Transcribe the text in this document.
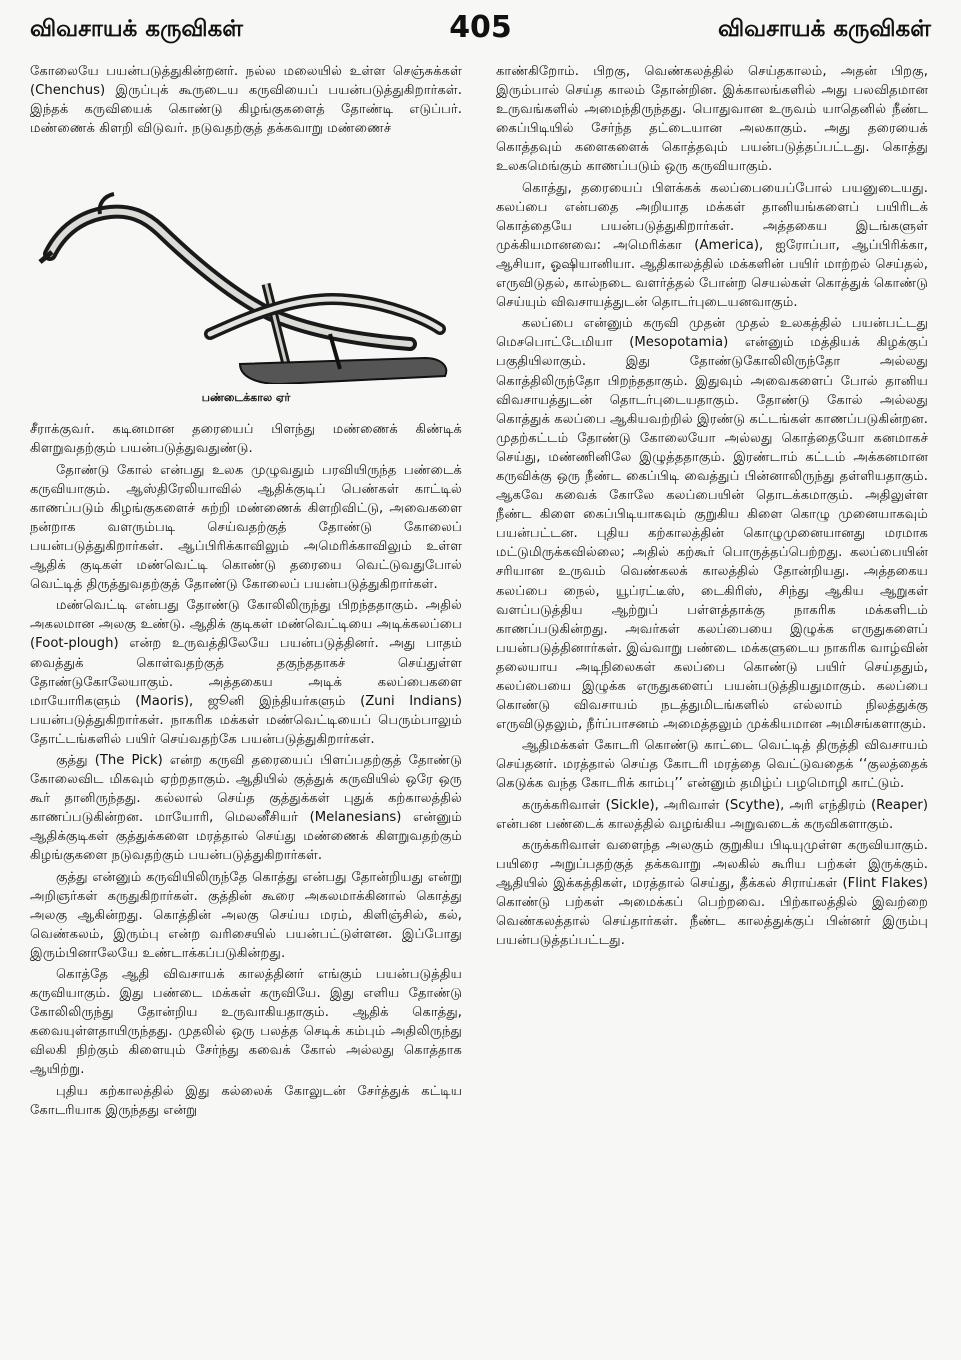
விவசாயக் கருவிகள்	405	விவசாயக் கருவிகள்

கோலையே பயன்படுத்துகின்றனர். நல்ல மலையில் உள்ள செஞ்சுக்கள் (Chenchus) இருப்புக் கூருடைய கருவியைப் பயன்படுத்துகிறார்கள். இந்தக் கருவியைக் கொண்டு கிழங்குகளைத் தோண்டி எடுப்பர். மண்ணைக் கிளறி விடுவர். நடுவதற்குத் தக்கவாறு மண்ணைச்

பண்டைக்கால ஏர்

சீராக்குவர். கடினமான தரையைப் பிளந்து மண்ணைக் கிண்டிக் கிளறுவதற்கும் பயன்படுத்துவதுண்டு.

தோண்டு கோல் என்பது உலக முழுவதும் பரவியிருந்த பண்டைக் கருவியாகும். ஆஸ்திரேலியாவில் ஆதிக்குடிப் பெண்கள் காட்டில் காணப்படும் கிழங்குகளைச் சுற்றி மண்ணைக் கிளறிவிட்டு, அவைகளை நன்றாக வளரும்படி செய்வதற்குத் தோண்டு கோலைப் பயன்படுத்துகிறார்கள். ஆப்பிரிக்காவிலும் அமெரிக்காவிலும் உள்ள ஆதிக் குடிகள் மண்வெட்டி கொண்டு தரையை வெட்டுவதுபோல் வெட்டித் திருத்துவதற்குத் தோண்டு கோலைப் பயன்படுத்துகிறார்கள்.

மண்வெட்டி என்பது தோண்டு கோலிலிருந்து பிறந்ததாகும். அதில் அகலமான அலகு உண்டு. ஆதிக் குடிகள் மண்வெட்டியை அடிக்கலப்பை (Foot-plough) என்ற உருவத்திலேயே பயன்படுத்தினர். அது பாதம் வைத்துக் கொள்வதற்குத் தகுந்ததாகச் செய்துள்ள தோண்டுகோலேயாகும். அத்தகைய அடிக் கலப்பைகளை மாயோரிகளும் (Maoris), ஜூனி இந்தியர்களும் (Zuni Indians) பயன்படுத்துகிறார்கள். நாகரிக மக்கள் மண்வெட்டியைப் பெரும்பாலும் தோட்டங்களில் பயிர் செய்வதற்கே பயன்படுத்துகிறார்கள்.

குத்து (The Pick) என்ற கருவி தரையைப் பிளப்பதற்குத் தோண்டு கோலைவிட மிகவும் ஏற்றதாகும். ஆதியில் குத்துக் கருவியில் ஒரே ஒரு கூர் தானிருந்தது. கல்லால் செய்த குத்துக்கள் புதுக் கற்காலத்தில் காணப்படுகின்றன. மாயோரி, மெலனீசியர் (Melanesians) என்னும் ஆதிக்குடிகள் குத்துக்களை மரத்தால் செய்து மண்ணைக் கிளறுவதற்கும் கிழங்குகளை நடுவதற்கும் பயன்படுத்துகிறார்கள்.

குத்து என்னும் கருவியிலிருந்தே கொத்து என்பது தோன்றியது என்று அறிஞர்கள் கருதுகிறார்கள். குத்தின் கூரை அகலமாக்கினால் கொத்து அலகு ஆகின்றது. கொத்தின் அலகு செய்ய மரம், கிளிஞ்சில், கல், வெண்கலம், இரும்பு என்ற வரிசையில் பயன்பட்டுள்ளன. இப்போது இரும்பினாலேயே உண்டாக்கப்படுகின்றது.

கொத்தே ஆதி விவசாயக் காலத்தினர் எங்கும் பயன்படுத்திய கருவியாகும். இது பண்டை மக்கள் கருவியே. இது எளிய தோண்டு கோலிலிருந்து தோன்றிய உருவாகியதாகும். ஆதிக் கொத்து, கவையுள்ளதாயிருந்தது. முதலில் ஒரு பலத்த செடிக் கம்பும் அதிலிருந்து விலகி நிற்கும் கிளையும் சேர்ந்து கவைக் கோல் அல்லது கொத்தாக ஆயிற்று.

புதிய கற்காலத்தில் இது கல்லைக் கோலுடன் சேர்த்துக் கட்டிய கோடரியாக இருந்தது என்று

காண்கிறோம். பிறகு, வெண்கலத்தில் செய்தகாலம், அதன் பிறகு, இரும்பால் செய்த காலம் தோன்றின. இக்காலங்களில் அது பலவிதமான உருவங்களில் அமைந்திருந்தது. பொதுவான உருவம் யாதெனில் நீண்ட கைப்பிடியில் சேர்ந்த தட்டையான அலகாகும். அது தரையைக் கொத்தவும் களைகளைக் கொத்தவும் பயன்படுத்தப்பட்டது. கொத்து உலகமெங்கும் காணப்படும் ஒரு கருவியாகும்.

கொத்து, தரையைப் பிளக்கக் கலப்பையைப்போல் பயனுடையது. கலப்பை என்பதை அறியாத மக்கள் தானியங்களைப் பயிரிடக் கொத்தையே பயன்படுத்துகிறார்கள். அத்தகைய இடங்களுள் முக்கியமானவை: அமெரிக்கா (America), ஐரோப்பா, ஆப்பிரிக்கா, ஆசியா, ஓஷியானியா. ஆதிகாலத்தில் மக்களின் பயிர் மாற்றல் செய்தல், எருவிடுதல், கால்நடை வளர்த்தல் போன்ற செயல்கள் கொத்துக் கொண்டு செய்யும் விவசாயத்துடன் தொடர்புடையனவாகும்.

கலப்பை என்னும் கருவி முதன் முதல் உலகத்தில் பயன்பட்டது மெசபொட்டேமியா (Mesopotamia) என்னும் மத்தியக் கிழக்குப் பகுதியிலாகும். இது தோண்டுகோலிலிருந்தோ அல்லது கொத்திலிருந்தோ பிறந்ததாகும். இதுவும் அவைகளைப் போல் தானிய விவசாயத்துடன் தொடர்புடையதாகும். தோண்டு கோல் அல்லது கொத்துக் கலப்பை ஆகியவற்றில் இரண்டு கட்டங்கள் காணப்படுகின்றன. முதற்கட்டம் தோண்டு கோலையோ அல்லது கொத்தையோ கனமாகச் செய்து, மண்ணினிலே இழுத்ததாகும். இரண்டாம் கட்டம் அக்கனமான கருவிக்கு ஒரு நீண்ட கைப்பிடி வைத்துப் பின்னாலிருந்து தள்ளியதாகும். ஆகவே கவைக் கோலே கலப்பையின் தொடக்கமாகும். அதிலுள்ள நீண்ட கிளை கைப்பிடியாகவும் குறுகிய கிளை கொழு முனையாகவும் பயன்பட்டன. புதிய கற்காலத்தின் கொழுமுனையானது மரமாக மட்டுமிருக்கவில்லை; அதில் கற்கூர் பொருத்தப்பெற்றது. கலப்பையின் சரியான உருவம் வெண்கலக் காலத்தில் தோன்றியது. அத்தகைய கலப்பை நைல், யூப்ரட்டீஸ், டைகிரிஸ், சிந்து ஆகிய ஆறுகள் வளப்படுத்திய ஆற்றுப் பள்ளத்தாக்கு நாகரிக மக்களிடம் காணப்படுகின்றது. அவர்கள் கலப்பையை இழுக்க எருதுகளைப் பயன்படுத்தினார்கள். இவ்வாறு பண்டை மக்களுடைய நாகரிக வாழ்வின் தலையாய அடிநிலைகள் கலப்பை கொண்டு பயிர் செய்ததும், கலப்பையை இழுக்க எருதுகளைப் பயன்படுத்தியதுமாகும். கலப்பை கொண்டு விவசாயம் நடத்துமிடங்களில் எல்லாம் நிலத்துக்கு எருவிடுதலும், நீர்ப்பாசனம் அமைத்தலும் முக்கியமான அமிசங்களாகும்.

ஆதிமக்கள் கோடரி கொண்டு காட்டை வெட்டித் திருத்தி விவசாயம் செய்தனர். மரத்தால் செய்த கோடரி மரத்தை வெட்டுவதைக் ‘‘குலத்தைக் கெடுக்க வந்த கோடரிக் காம்பு’’ என்னும் தமிழ்ப் பழமொழி காட்டும்.

கருக்கரிவாள் (Sickle), அரிவாள் (Scythe), அரி எந்திரம் (Reaper) என்பன பண்டைக் காலத்தில் வழங்கிய அறுவடைக் கருவிகளாகும்.

கருக்கரிவாள் வளைந்த அலகும் குறுகிய பிடியுமுள்ள கருவியாகும். பயிரை அறுப்பதற்குத் தக்கவாறு அலகில் கூரிய பற்கள் இருக்கும். ஆதியில் இக்கத்திகள், மரத்தால் செய்து, தீக்கல் சிராய்கள் (Flint Flakes) கொண்டு பற்கள் அமைக்கப் பெற்றவை. பிற்காலத்தில் இவற்றை வெண்கலத்தால் செய்தார்கள். நீண்ட காலத்துக்குப் பின்னர் இரும்பு பயன்படுத்தப்பட்டது.
